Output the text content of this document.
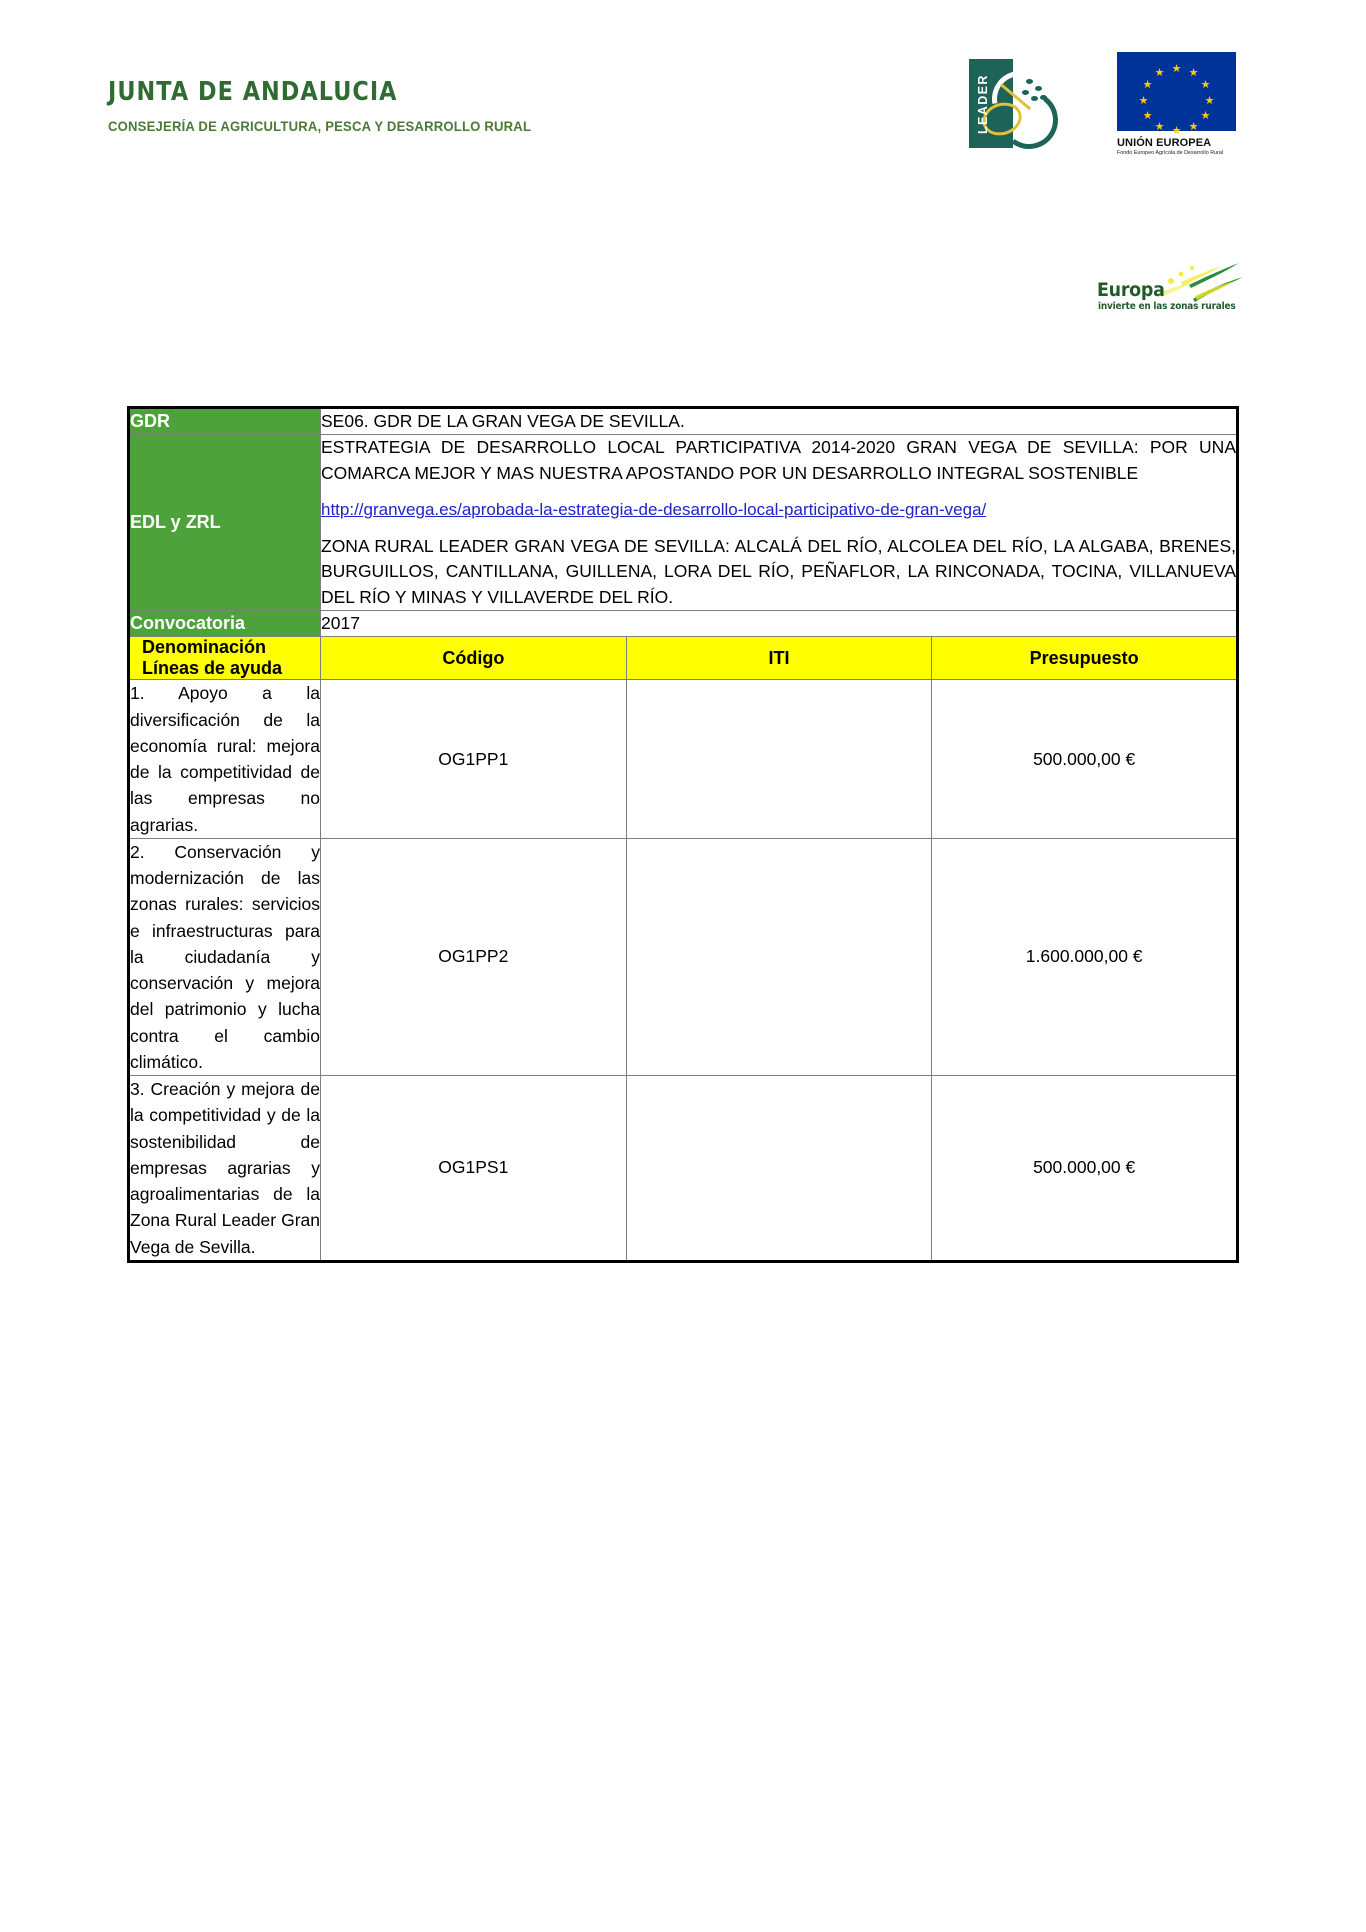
JUNTA DE ANDALUCIA
CONSEJERÍA DE AGRICULTURA, PESCA Y DESARROLLO RURAL	LEADER
★ ★
★
★
★
★
★
★
★
★
★
★
UNIÓN EUROPEA
Fondo Europeo Agrícola de Desarrollo Rural
Europa
invierte en las zonas rurales
GDR	SE06. GDR DE LA GRAN VEGA DE SEVILLA.		
EDL y ZRL	ESTRATEGIA DE DESARROLLO LOCAL PARTICIPATIVA 2014-2020 GRAN VEGA DE SEVILLA: POR UNA COMARCA MEJOR Y MAS NUESTRA APOSTANDO POR UN DESARROLLO INTEGRAL SOSTENIBLE

http://granvega.es/aprobada-la-estrategia-de-desarrollo-local-participativo-de-gran-vega/

ZONA RURAL LEADER GRAN VEGA DE SEVILLA: ALCALÁ DEL RÍO, ALCOLEA DEL RÍO, LA ALGABA, BRENES, BURGUILLOS, CANTILLANA, GUILLENA, LORA DEL RÍO, PEÑAFLOR, LA RINCONADA, TOCINA, VILLANUEVA DEL RÍO Y MINAS Y VILLAVERDE DEL RÍO.		

Convocatoria	2017		
Denominación Líneas de ayuda	Código	ITI	Presupuesto
1. Apoyo a la diversificación de la economía rural: mejora de la competitividad de las empresas no agrarias.	OG1PP1		500.000,00 €
2. Conservación y modernización de las zonas rurales: servicios e infraestructuras para la ciudadanía y conservación y mejora del patrimonio y lucha contra el cambio climático.	OG1PP2		1.600.000,00 €
3. Creación y mejora de la competitividad y de la sostenibilidad de empresas agrarias y agroalimentarias de la Zona Rural Leader Gran Vega de Sevilla.	OG1PS1		500.000,00 €
